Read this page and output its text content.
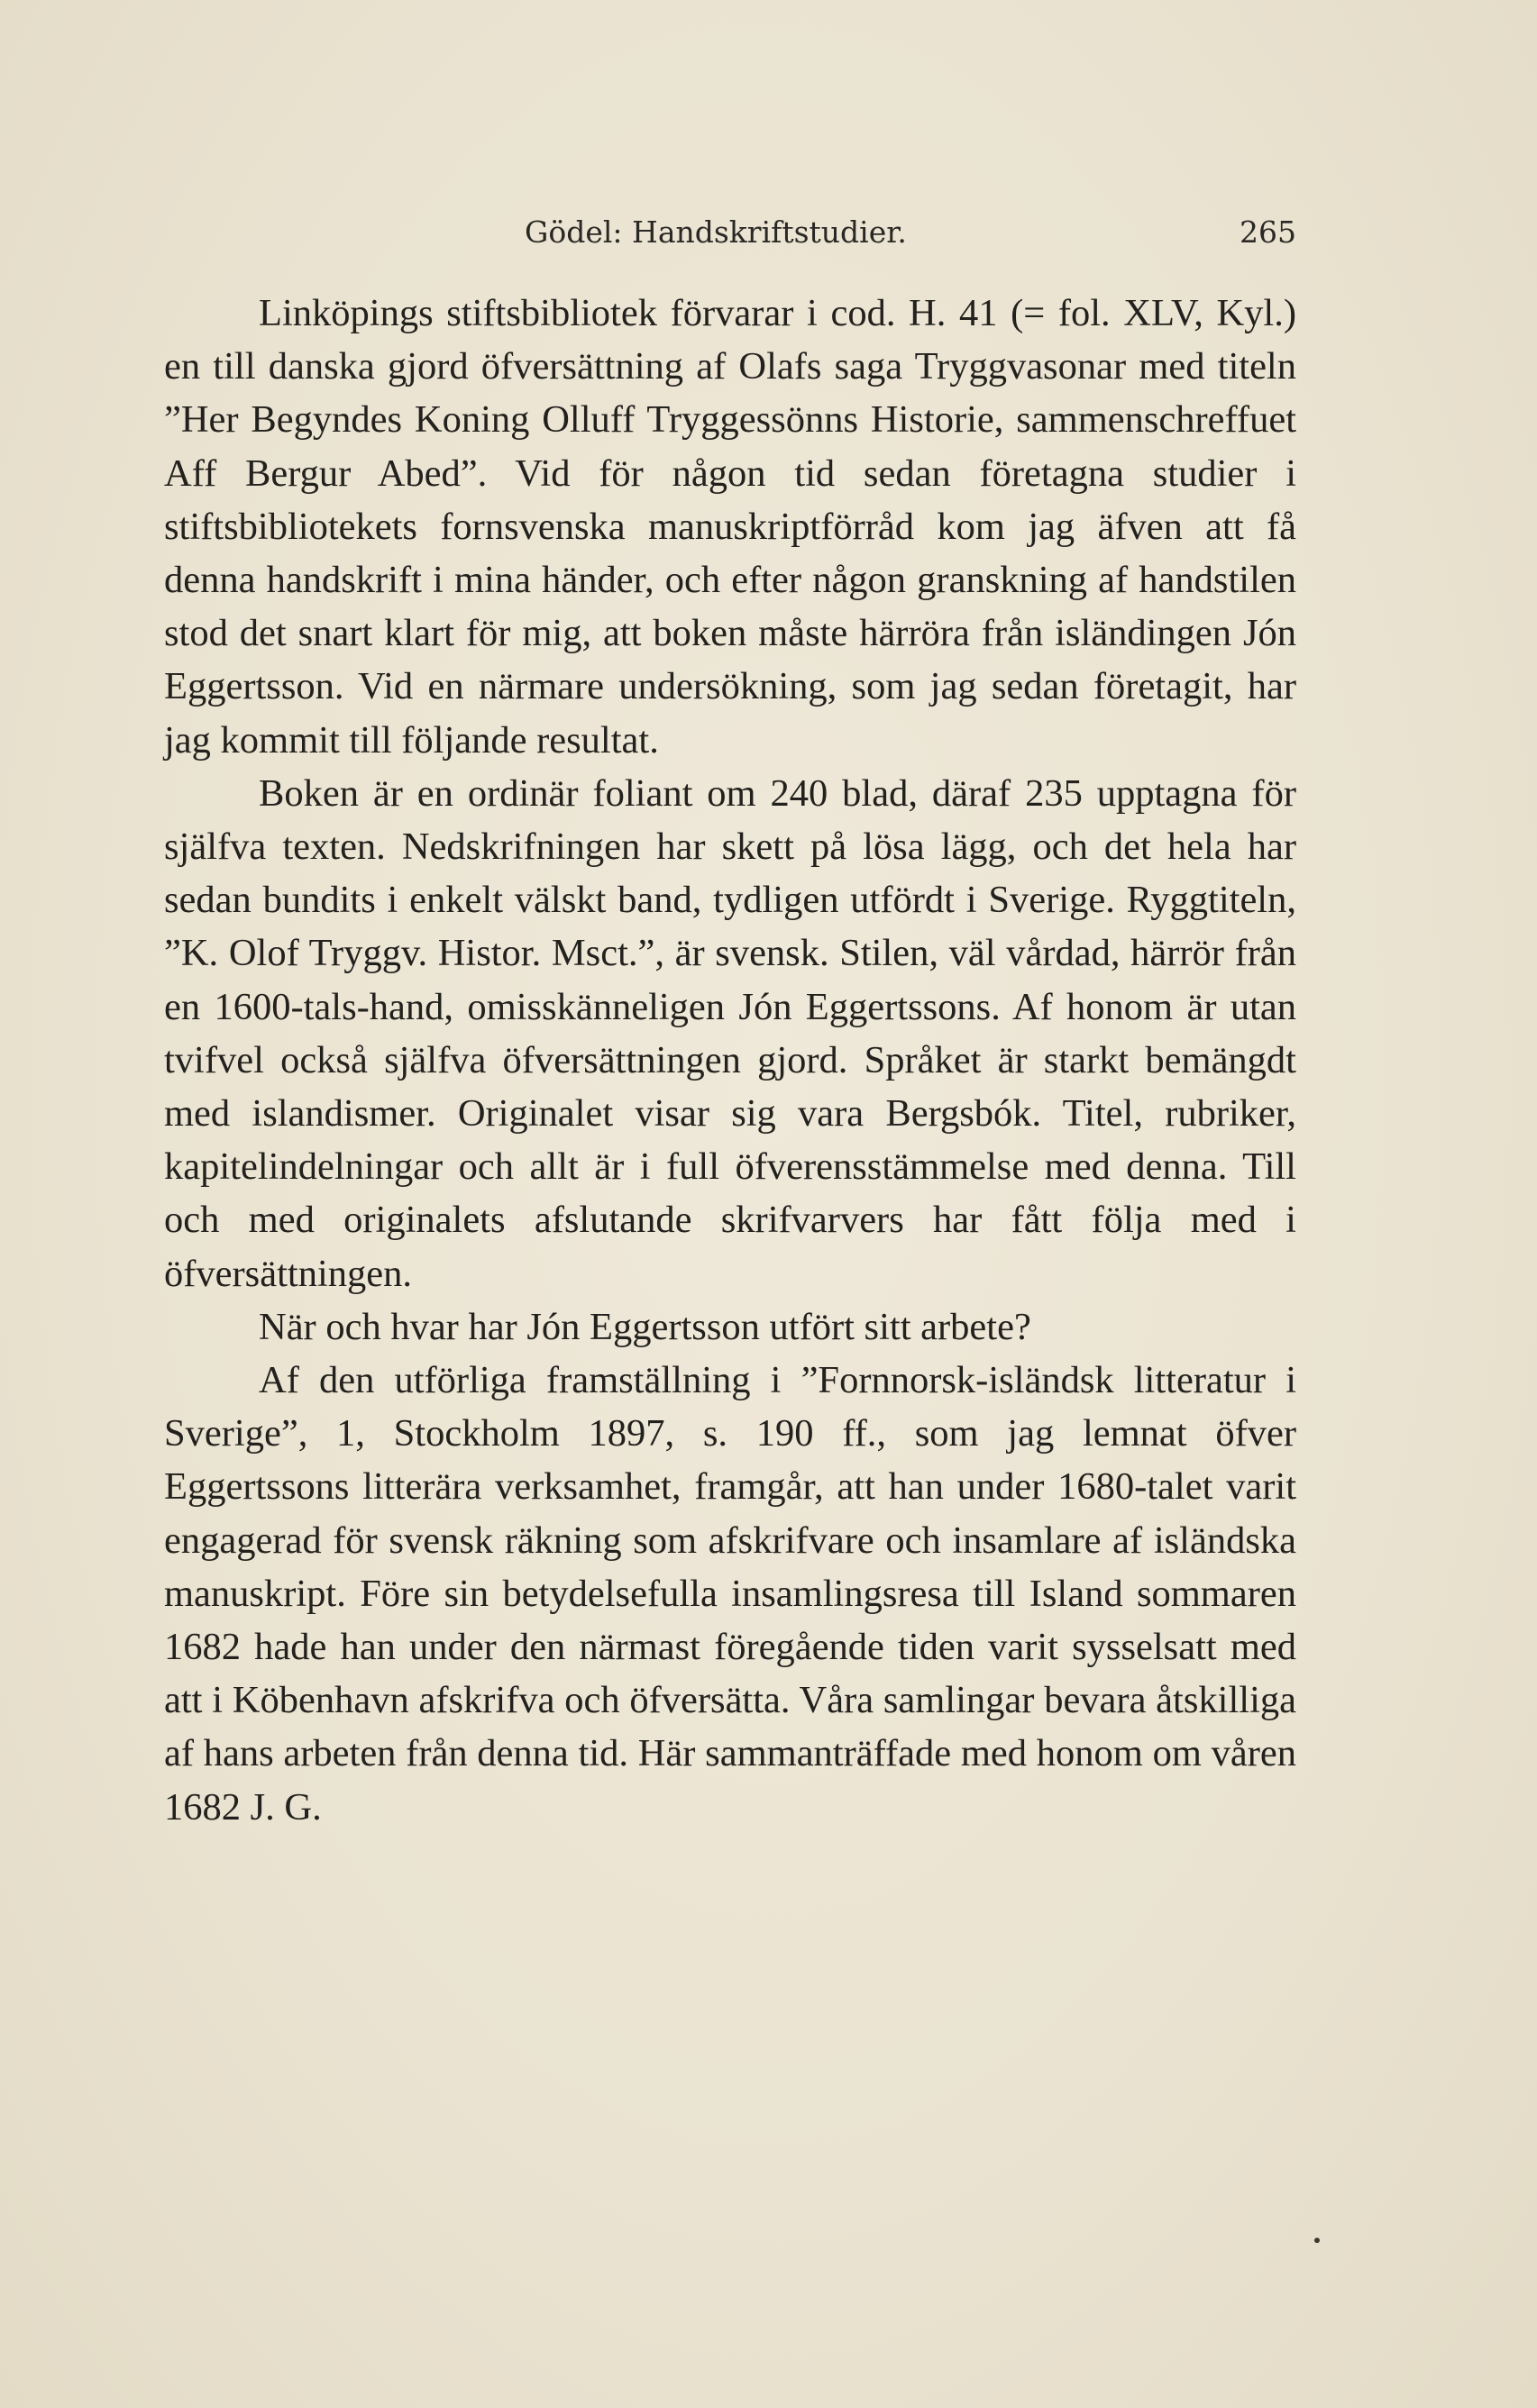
Gödel: Handskriftstudier.	265

Linköpings stiftsbibliotek förvarar i cod. H. 41 (= fol. XLV, Kyl.) en till danska gjord öfversättning af Olafs saga Tryggvasonar med titeln ”Her Begyndes Koning Olluff Tryggessönns Historie, sammenschreffuet Aff Bergur Abed”. Vid för någon tid sedan företagna studier i stiftsbibliotekets fornsvenska manuskriptförråd kom jag äfven att få denna handskrift i mina händer, och efter någon granskning af handstilen stod det snart klart för mig, att boken måste härröra från isländingen Jón Eggertsson. Vid en närmare undersökning, som jag sedan företagit, har jag kommit till följande resultat.

Boken är en ordinär foliant om 240 blad, däraf 235 upptagna för själfva texten. Nedskrifningen har skett på lösa lägg, och det hela har sedan bundits i enkelt välskt band, tydligen utfördt i Sverige. Ryggtiteln, ”K. Olof Tryggv. Histor. Msct.”, är svensk. Stilen, väl vårdad, härrör från en 1600-tals-hand, omisskänneligen Jón Eggertssons. Af honom är utan tvifvel också själfva öfversättningen gjord. Språket är starkt bemängdt med islandismer. Originalet visar sig vara Bergsbók. Titel, rubriker, kapitelindelningar och allt är i full öfverensstämmelse med denna. Till och med originalets afslutande skrifvarvers har fått följa med i öfversättningen.

När och hvar har Jón Eggertsson utfört sitt arbete?

Af den utförliga framställning i ”Fornnorsk-isländsk litteratur i Sverige”, 1, Stockholm 1897, s. 190 ff., som jag lemnat öfver Eggertssons litterära verksamhet, framgår, att han under 1680-talet varit engagerad för svensk räkning som afskrifvare och insamlare af isländska manuskript. Före sin betydelsefulla insamlingsresa till Island sommaren 1682 hade han under den närmast föregående tiden varit sysselsatt med att i Köbenhavn afskrifva och öfversätta. Våra samlingar bevara åtskilliga af hans arbeten från denna tid. Här sammanträffade med honom om våren 1682 J. G.
